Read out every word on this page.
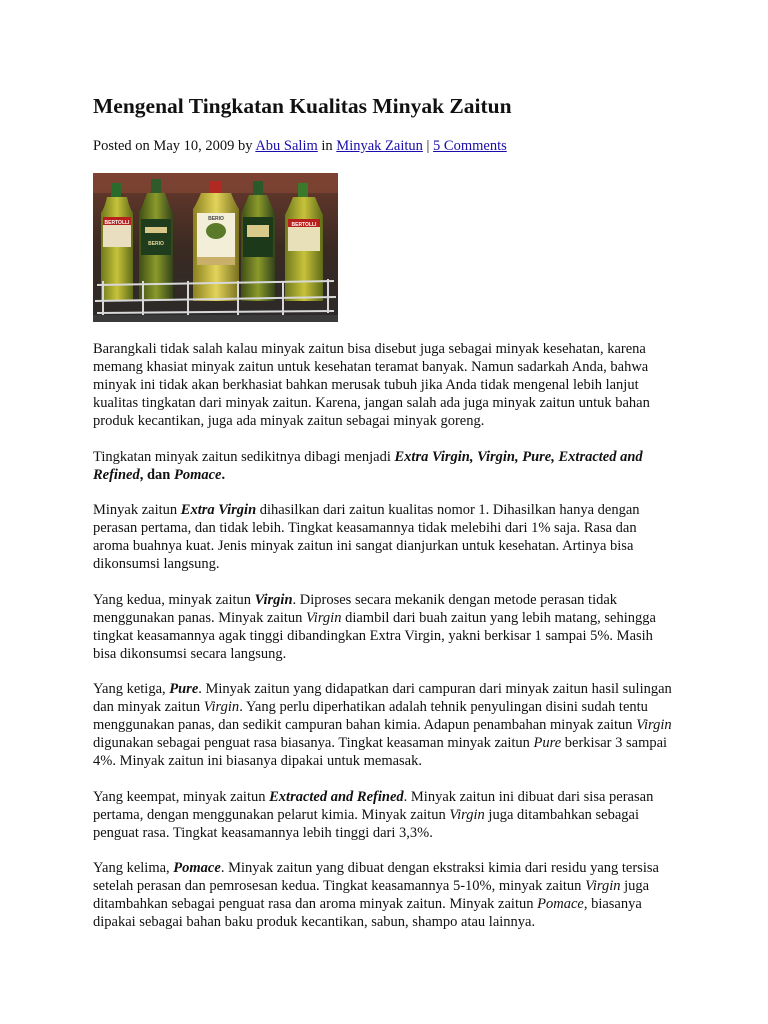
Mengenal Tingkatan Kualitas Minyak Zaitun
Posted on May 10, 2009 by Abu Salim in Minyak Zaitun | 5 Comments
BERTOLLI
BERIO
BERIO
BERTOLLI

Barangkali tidak salah kalau minyak zaitun bisa disebut juga sebagai minyak kesehatan, karena memang khasiat minyak zaitun untuk kesehatan teramat banyak. Namun sadarkah Anda, bahwa minyak ini tidak akan berkhasiat bahkan merusak tubuh jika Anda tidak mengenal lebih lanjut kualitas tingkatan dari minyak zaitun. Karena, jangan salah ada juga minyak zaitun untuk bahan produk kecantikan, juga ada minyak zaitun sebagai minyak goreng.

Tingkatan minyak zaitun sedikitnya dibagi menjadi Extra Virgin, Virgin, Pure, Extracted and Refined, dan Pomace.

Minyak zaitun Extra Virgin dihasilkan dari zaitun kualitas nomor 1. Dihasilkan hanya dengan perasan pertama, dan tidak lebih. Tingkat keasamannya tidak melebihi dari 1% saja. Rasa dan aroma buahnya kuat. Jenis minyak zaitun ini sangat dianjurkan untuk kesehatan. Artinya bisa dikonsumsi langsung.

Yang kedua, minyak zaitun Virgin. Diproses secara mekanik dengan metode perasan tidak menggunakan panas. Minyak zaitun Virgin diambil dari buah zaitun yang lebih matang, sehingga tingkat keasamannya agak tinggi dibandingkan Extra Virgin, yakni berkisar 1 sampai 5%. Masih bisa dikonsumsi secara langsung.

Yang ketiga, Pure. Minyak zaitun yang didapatkan dari campuran dari minyak zaitun hasil sulingan dan minyak zaitun Virgin. Yang perlu diperhatikan adalah tehnik penyulingan disini sudah tentu menggunakan panas, dan sedikit campuran bahan kimia. Adapun penambahan minyak zaitun Virgin digunakan sebagai penguat rasa biasanya. Tingkat keasaman minyak zaitun Pure berkisar 3 sampai 4%. Minyak zaitun ini biasanya dipakai untuk memasak.

Yang keempat, minyak zaitun Extracted and Refined. Minyak zaitun ini dibuat dari sisa perasan pertama, dengan menggunakan pelarut kimia. Minyak zaitun Virgin juga ditambahkan sebagai penguat rasa. Tingkat keasamannya lebih tinggi dari 3,3%.

Yang kelima, Pomace. Minyak zaitun yang dibuat dengan ekstraksi kimia dari residu yang tersisa setelah perasan dan pemrosesan kedua. Tingkat keasamannya 5-10%, minyak zaitun Virgin juga ditambahkan sebagai penguat rasa dan aroma minyak zaitun. Minyak zaitun Pomace, biasanya dipakai sebagai bahan baku produk kecantikan, sabun, shampo atau lainnya.
